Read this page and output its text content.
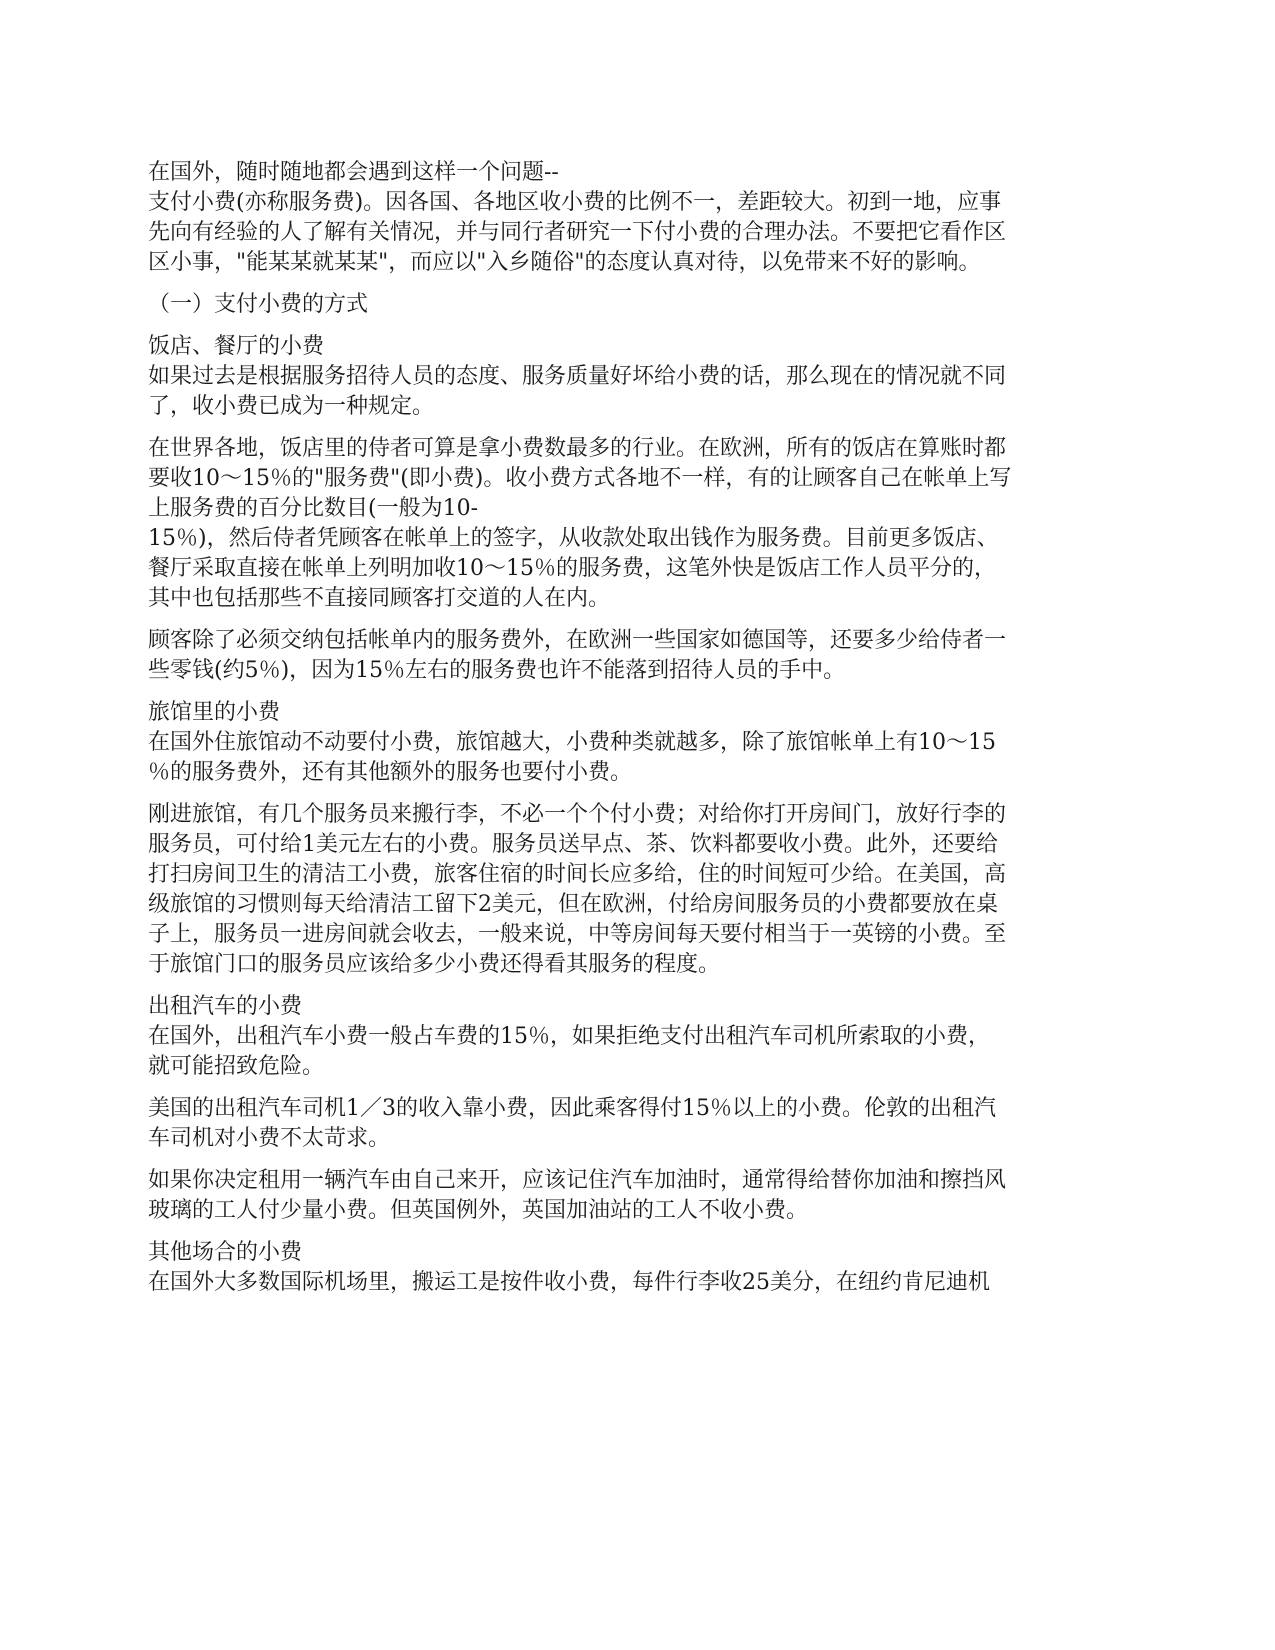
在国外，随时随地都会遇到这样一个问题--

支付小费(亦称服务费)。因各国、各地区收小费的比例不一，差距较大。初到一地，应事
先向有经验的人了解有关情况，并与同行者研究一下付小费的合理办法。不要把它看作区
区小事，"能某某就某某"，而应以"入乡随俗"的态度认真对待，以免带来不好的影响。

（一）支付小费的方式

饭店、餐厅的小费

如果过去是根据服务招待人员的态度、服务质量好坏给小费的话，那么现在的情况就不同
了，收小费已成为一种规定。

在世界各地，饭店里的侍者可算是拿小费数最多的行业。在欧洲，所有的饭店在算账时都
要收10～15％的"服务费"(即小费)。收小费方式各地不一样，有的让顾客自己在帐单上写
上服务费的百分比数目(一般为10-
15％)，然后侍者凭顾客在帐单上的签字，从收款处取出钱作为服务费。目前更多饭店、
餐厅采取直接在帐单上列明加收10～15％的服务费，这笔外快是饭店工作人员平分的，
其中也包括那些不直接同顾客打交道的人在内。

顾客除了必须交纳包括帐单内的服务费外，在欧洲一些国家如德国等，还要多少给侍者一
些零钱(约5％)，因为15％左右的服务费也许不能落到招待人员的手中。

旅馆里的小费

在国外住旅馆动不动要付小费，旅馆越大，小费种类就越多，除了旅馆帐单上有10～15
％的服务费外，还有其他额外的服务也要付小费。

刚进旅馆，有几个服务员来搬行李，不必一个个付小费；对给你打开房间门，放好行李的
服务员，可付给1美元左右的小费。服务员送早点、茶、饮料都要收小费。此外，还要给
打扫房间卫生的清洁工小费，旅客住宿的时间长应多给，住的时间短可少给。在美国，高
级旅馆的习惯则每天给清洁工留下2美元，但在欧洲，付给房间服务员的小费都要放在桌
子上，服务员一进房间就会收去，一般来说，中等房间每天要付相当于一英镑的小费。至
于旅馆门口的服务员应该给多少小费还得看其服务的程度。

出租汽车的小费

在国外，出租汽车小费一般占车费的15％，如果拒绝支付出租汽车司机所索取的小费，
就可能招致危险。

美国的出租汽车司机1／3的收入靠小费，因此乘客得付15％以上的小费。伦敦的出租汽
车司机对小费不太苛求。

如果你决定租用一辆汽车由自己来开，应该记住汽车加油时，通常得给替你加油和擦挡风
玻璃的工人付少量小费。但英国例外，英国加油站的工人不收小费。

其他场合的小费

在国外大多数国际机场里，搬运工是按件收小费，每件行李收25美分，在纽约肯尼迪机
